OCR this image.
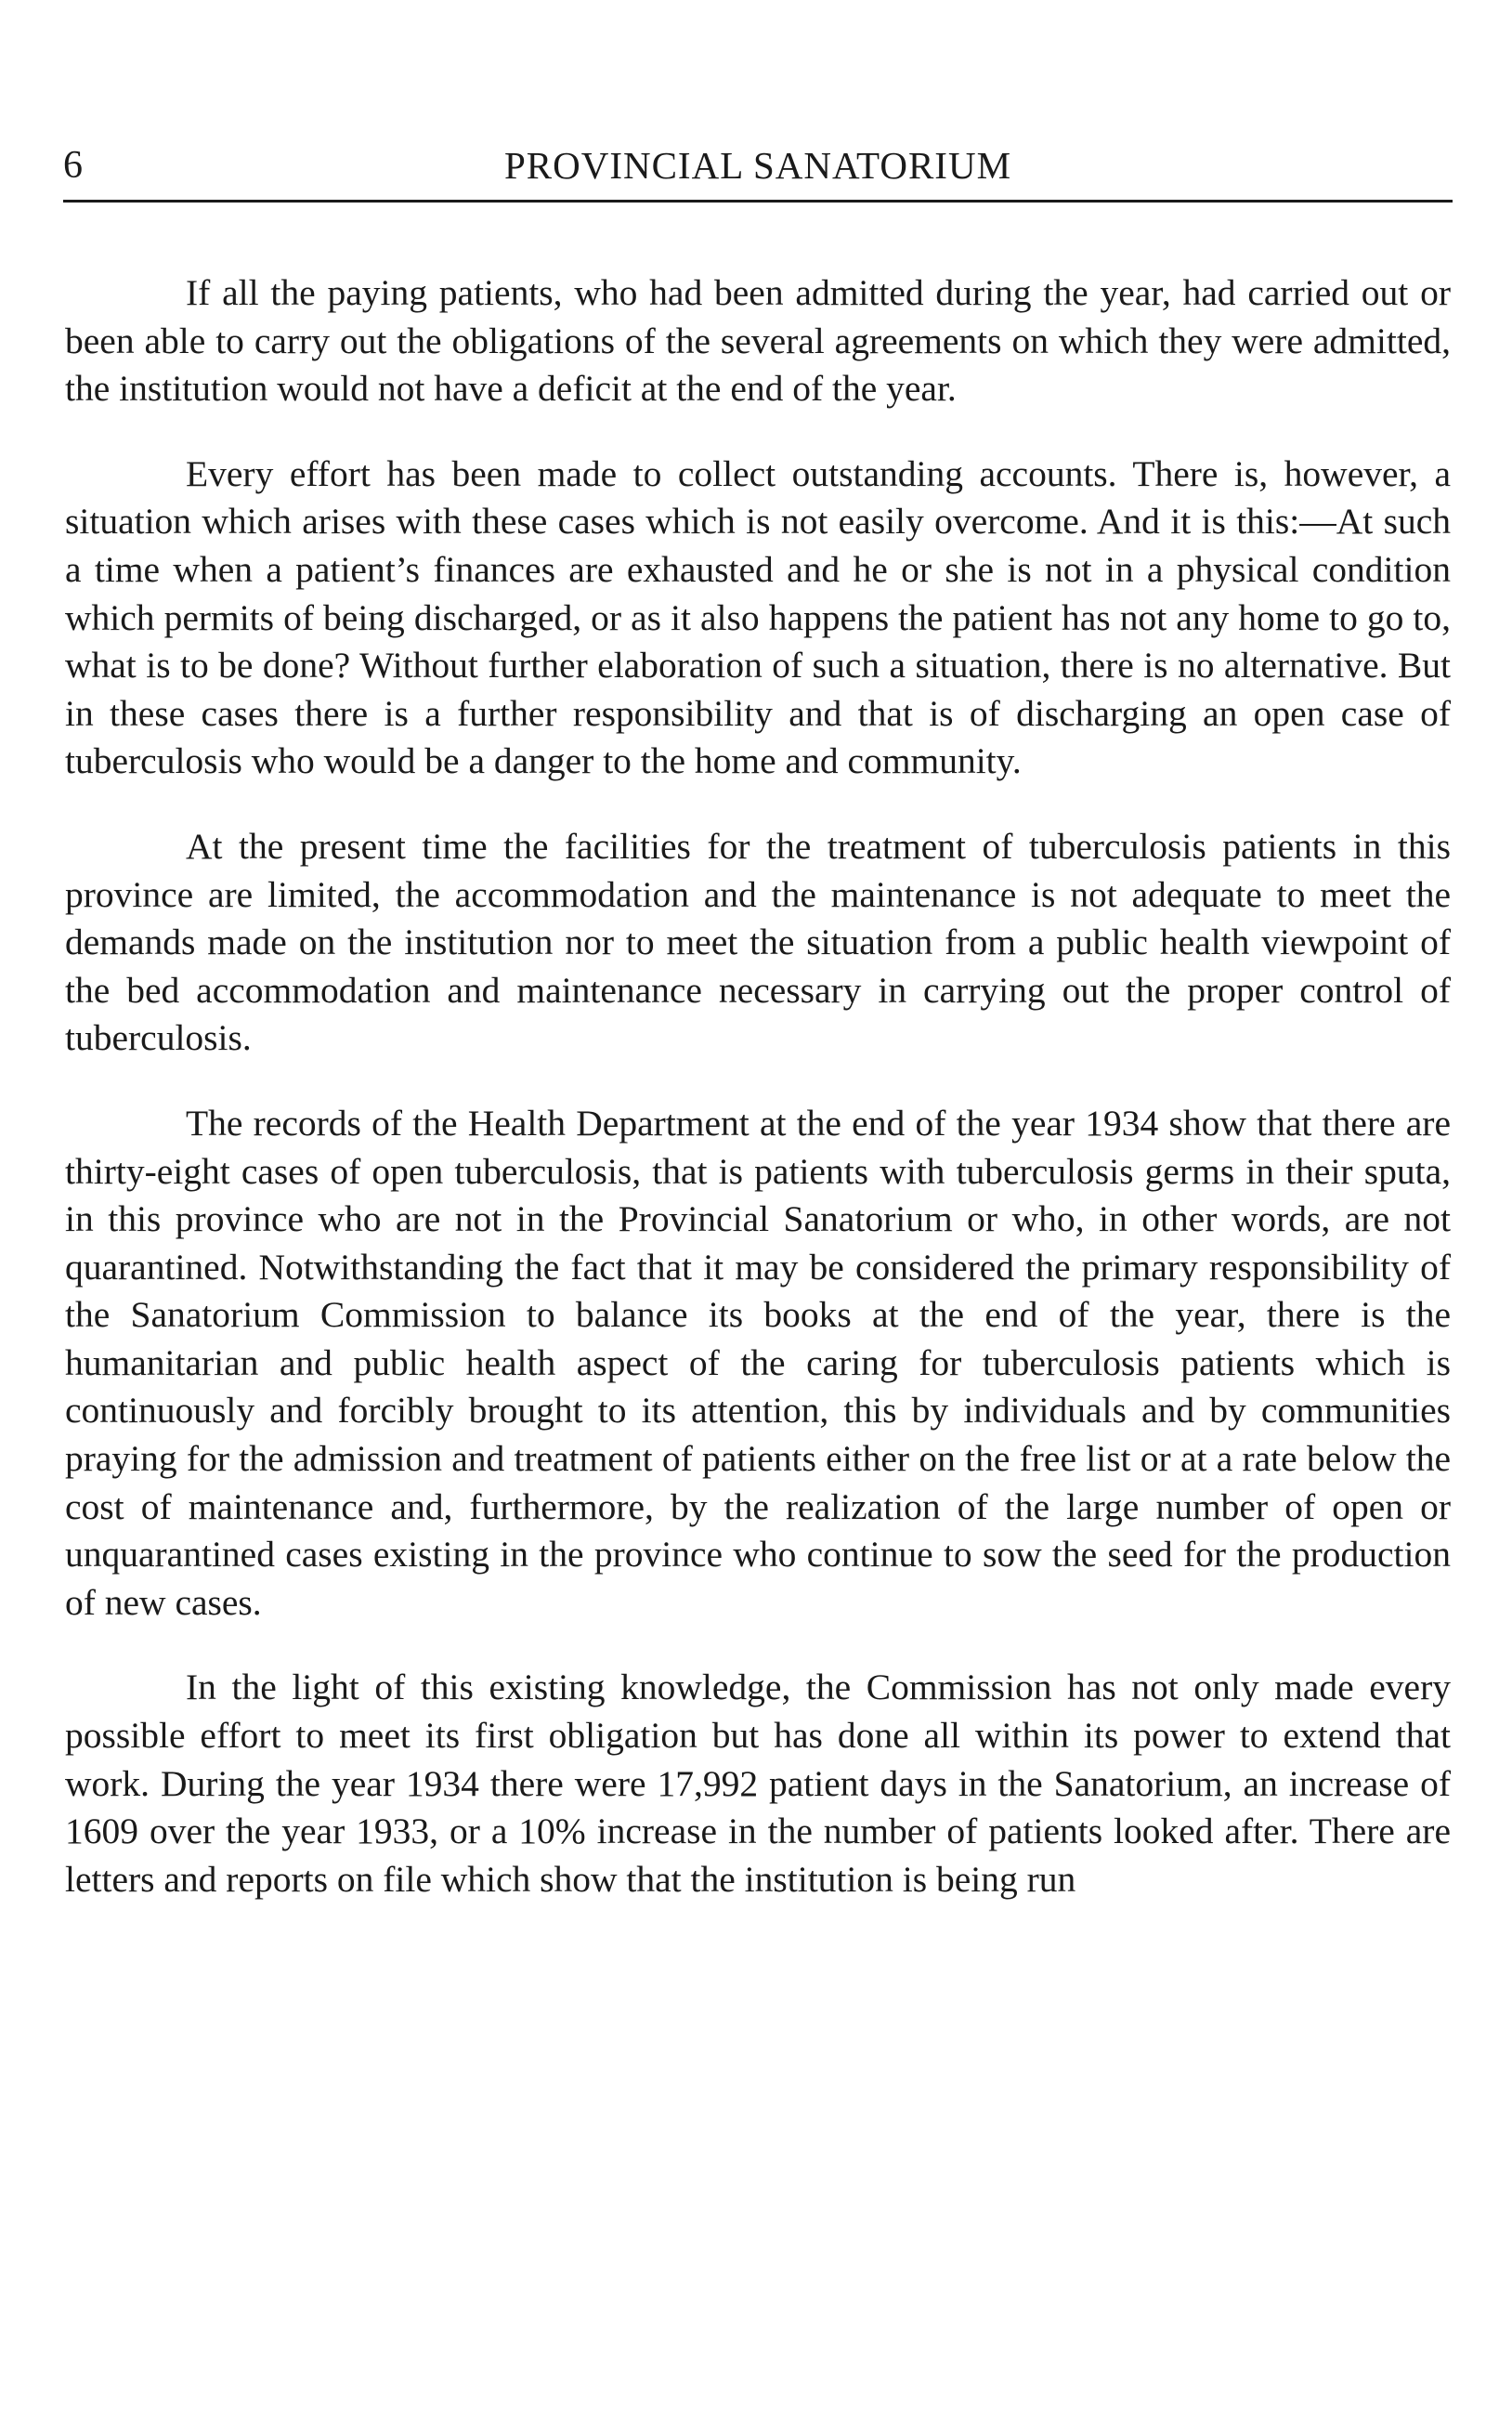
6	PROVINCIAL SANATORIUM

If all the paying patients, who had been admitted during the year, had carried out or been able to carry out the obligations of the several agreements on which they were admitted, the institution would not have a deficit at the end of the year.

Every effort has been made to collect outstanding accounts. There is, however, a situation which arises with these cases which is not easily overcome. And it is this:—At such a time when a patient’s finances are exhausted and he or she is not in a physical condition which permits of being discharged, or as it also happens the patient has not any home to go to, what is to be done? Without further elaboration of such a situation, there is no alternative. But in these cases there is a further responsibility and that is of discharging an open case of tuberculosis who would be a danger to the home and community.

At the present time the facilities for the treatment of tuberculosis patients in this province are limited, the accommodation and the maintenance is not adequate to meet the demands made on the institution nor to meet the situation from a public health viewpoint of the bed accommodation and maintenance necessary in carrying out the proper control of tuberculosis.

The records of the Health Department at the end of the year 1934 show that there are thirty-eight cases of open tuberculosis, that is patients with tuberculosis germs in their sputa, in this province who are not in the Provincial Sanatorium or who, in other words, are not quarantined. Notwithstanding the fact that it may be considered the primary responsibility of the Sanatorium Commission to balance its books at the end of the year, there is the humanitarian and public health aspect of the caring for tuberculosis patients which is continuously and forcibly brought to its attention, this by individuals and by communities praying for the admission and treatment of patients either on the free list or at a rate below the cost of maintenance and, furthermore, by the realization of the large number of open or unquarantined cases existing in the province who continue to sow the seed for the production of new cases.

In the light of this existing knowledge, the Commission has not only made every possible effort to meet its first obligation but has done all within its power to extend that work. During the year 1934 there were 17,992 patient days in the Sanatorium, an increase of 1609 over the year 1933, or a 10% increase in the number of patients looked after. There are letters and reports on file which show that the institution is being run
